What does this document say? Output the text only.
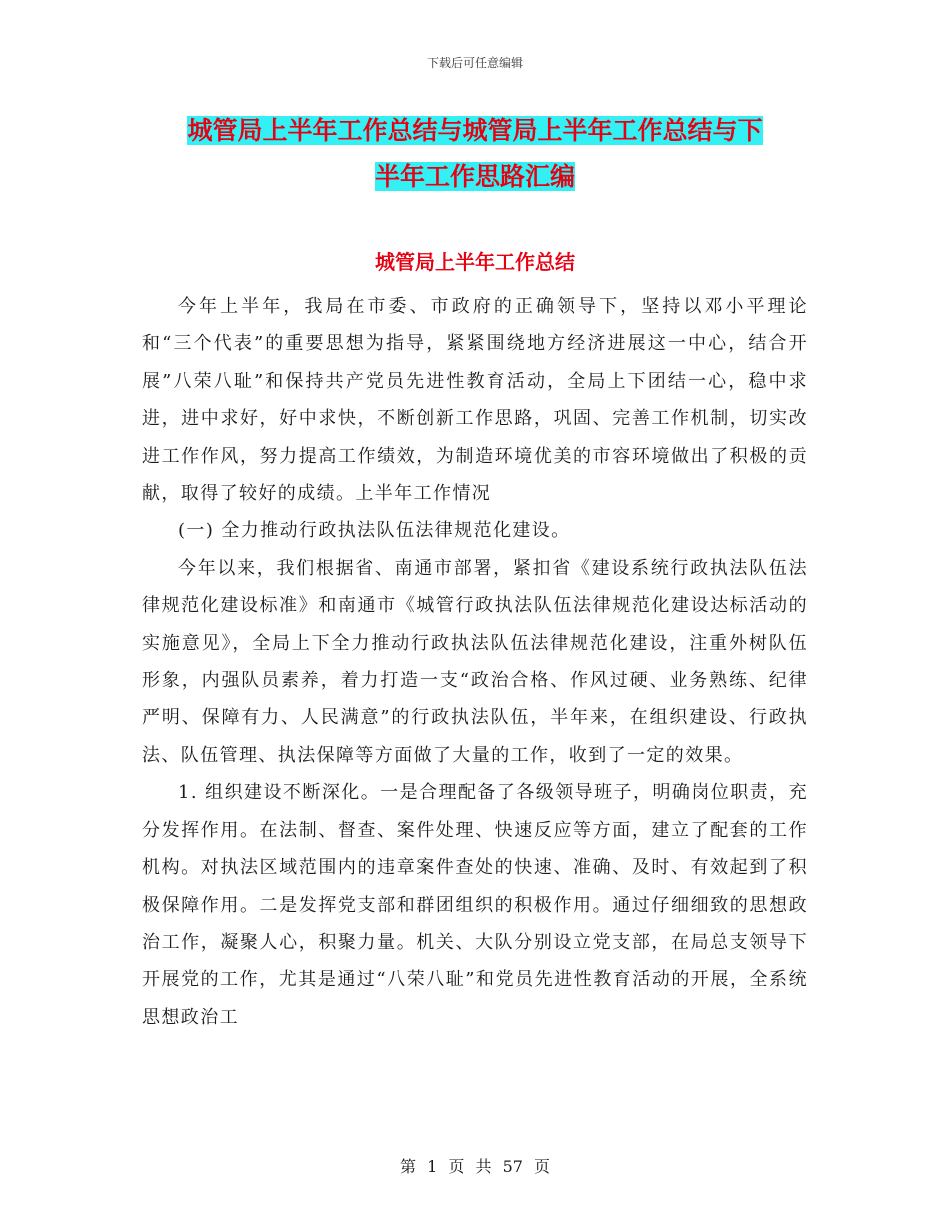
下载后可任意编辑
城管局上半年工作总结与城管局上半年工作总结与下
半年工作思路汇编
城管局上半年工作总结

今年上半年，我局在市委、市政府的正确领导下，坚持以邓小平理论和“三个代表”的重要思想为指导，紧紧围绕地方经济进展这一中心，结合开展”八荣八耻”和保持共产党员先进性教育活动，全局上下团结一心，稳中求进，进中求好，好中求快，不断创新工作思路，巩固、完善工作机制，切实改进工作作风，努力提高工作绩效，为制造环境优美的市容环境做出了积极的贡献，取得了较好的成绩。上半年工作情况

(一) 全力推动行政执法队伍法律规范化建设。

今年以来，我们根据省、南通市部署，紧扣省《建设系统行政执法队伍法律规范化建设标准》和南通市《城管行政执法队伍法律规范化建设达标活动的实施意见》，全局上下全力推动行政执法队伍法律规范化建设，注重外树队伍形象，内强队员素养，着力打造一支“政治合格、作风过硬、业务熟练、纪律严明、保障有力、人民满意”的行政执法队伍，半年来，在组织建设、行政执法、队伍管理、执法保障等方面做了大量的工作，收到了一定的效果。

1. 组织建设不断深化。一是合理配备了各级领导班子，明确岗位职责，充分发挥作用。在法制、督查、案件处理、快速反应等方面，建立了配套的工作机构。对执法区域范围内的违章案件查处的快速、准确、及时、有效起到了积极保障作用。二是发挥党支部和群团组织的积极作用。通过仔细细致的思想政治工作，凝聚人心，积聚力量。机关、大队分别设立党支部，在局总支领导下开展党的工作，尤其是通过“八荣八耻”和党员先进性教育活动的开展，全系统思想政治工

第 1 页 共 57 页
